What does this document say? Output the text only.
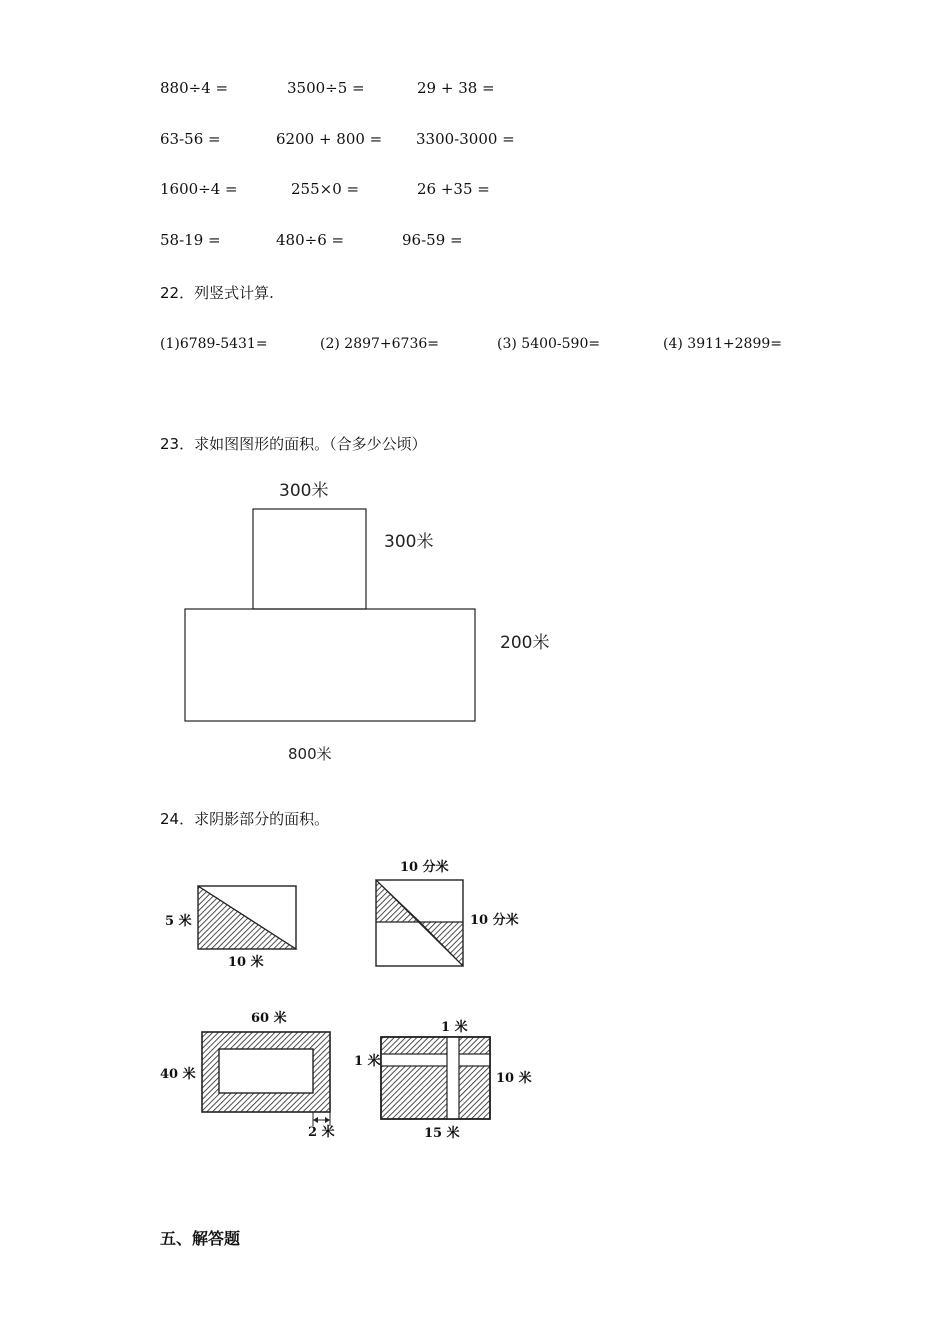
880÷4 =	3500÷5 =	29 + 38 =
63-56 =	6200 + 800 = 3300-3000 =
1600÷4 =	255×0 =	26 +35 =
58-19 =	480÷6 =	96-59 =
22．列竖式计算.
(1)6789-5431=	(2) 2897+6736=	(3) 5400-590=	(4) 3911+2899=
23．求如图图形的面积。（合多少公顷）
300米
300米
200米
800米
24．求阴影部分的面积。
5 米
10 米
10 分米
10 分米
60 米
40 米
2 米
1 米
1 米
10 米
15 米
五、解答题
